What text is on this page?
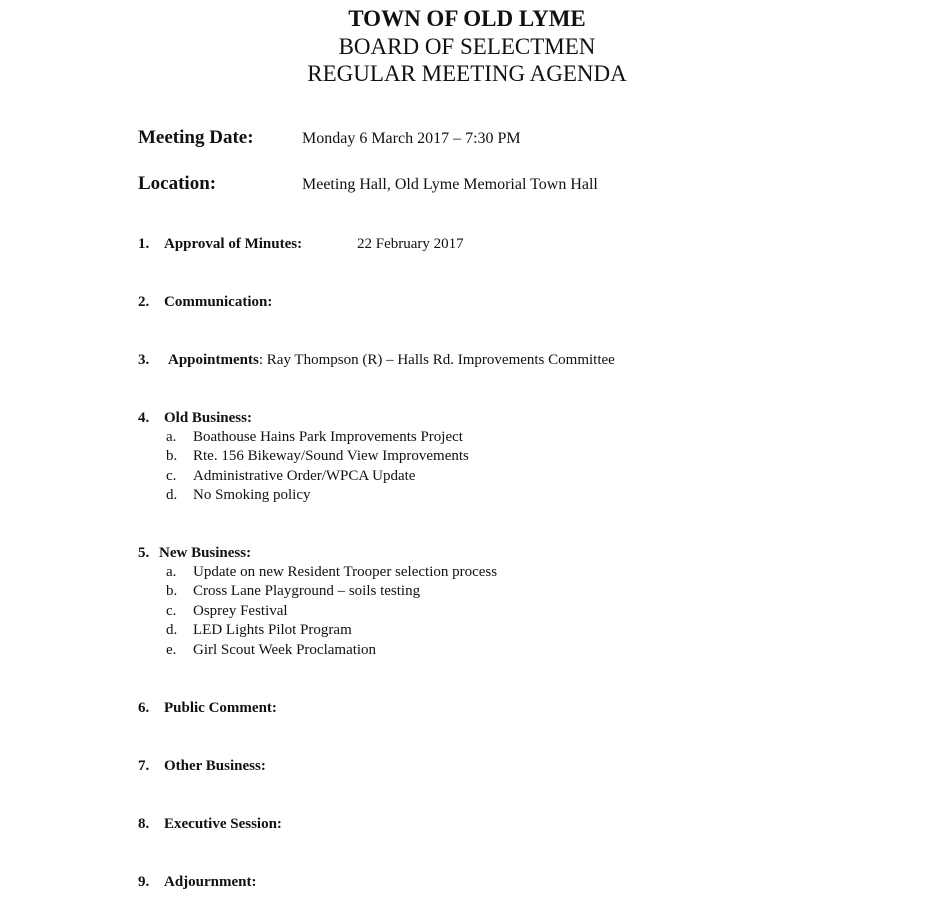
TOWN OF OLD LYME
BOARD OF SELECTMEN
REGULAR MEETING AGENDA
Meeting Date:	Monday 6 March 2017 – 7:30 PM
Location:	Meeting Hall, Old Lyme Memorial Town Hall
1. Approval of Minutes:	22 February 2017
2. Communication:
3. Appointments: Ray Thompson (R) – Halls Rd. Improvements Committee
4. Old Business:
a. Boathouse Hains Park Improvements Project
b. Rte. 156 Bikeway/Sound View Improvements
c. Administrative Order/WPCA Update
d. No Smoking policy
5. New Business:
a. Update on new Resident Trooper selection process
b. Cross Lane Playground – soils testing
c. Osprey Festival
d. LED Lights Pilot Program
e. Girl Scout Week Proclamation
6. Public Comment:
7. Other Business:
8. Executive Session:
9. Adjournment:
